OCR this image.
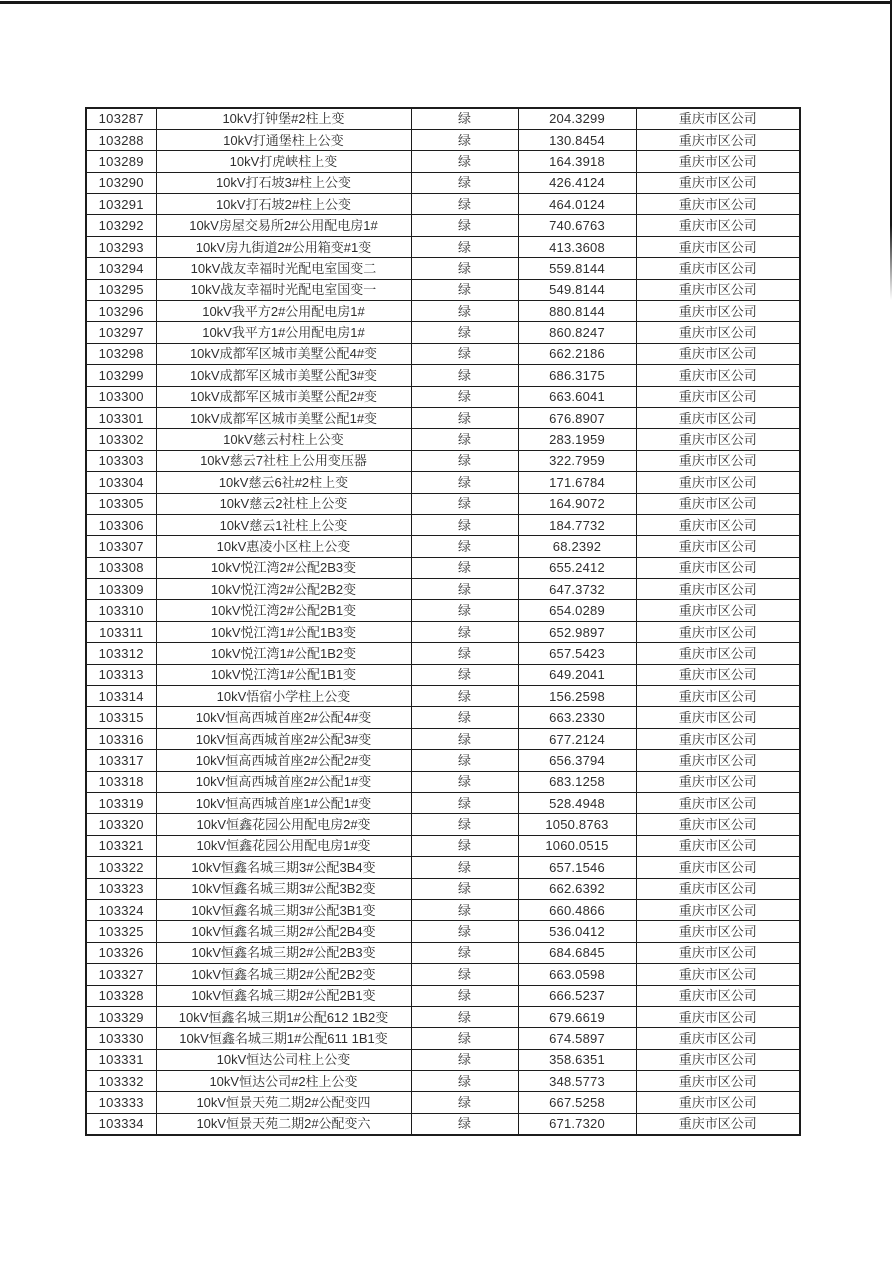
103287	10kV打钟堡#2柱上变	绿	204.3299	重庆市区公司
103288	10kV打通堡柱上公变	绿	130.8454	重庆市区公司
103289	10kV打虎峡柱上变	绿	164.3918	重庆市区公司
103290	10kV打石坡3#柱上公变	绿	426.4124	重庆市区公司
103291	10kV打石坡2#柱上公变	绿	464.0124	重庆市区公司
103292	10kV房屋交易所2#公用配电房1#	绿	740.6763	重庆市区公司
103293	10kV房九街道2#公用箱变#1变	绿	413.3608	重庆市区公司
103294	10kV战友幸福时光配电室国变二	绿	559.8144	重庆市区公司
103295	10kV战友幸福时光配电室国变一	绿	549.8144	重庆市区公司
103296	10kV我平方2#公用配电房1#	绿	880.8144	重庆市区公司
103297	10kV我平方1#公用配电房1#	绿	860.8247	重庆市区公司
103298	10kV成都军区城市美墅公配4#变	绿	662.2186	重庆市区公司
103299	10kV成都军区城市美墅公配3#变	绿	686.3175	重庆市区公司
103300	10kV成都军区城市美墅公配2#变	绿	663.6041	重庆市区公司
103301	10kV成都军区城市美墅公配1#变	绿	676.8907	重庆市区公司
103302	10kV慈云村柱上公变	绿	283.1959	重庆市区公司
103303	10kV慈云7社柱上公用变压器	绿	322.7959	重庆市区公司
103304	10kV慈云6社#2柱上变	绿	171.6784	重庆市区公司
103305	10kV慈云2社柱上公变	绿	164.9072	重庆市区公司
103306	10kV慈云1社柱上公变	绿	184.7732	重庆市区公司
103307	10kV惠凌小区柱上公变	绿	68.2392	重庆市区公司
103308	10kV悦江湾2#公配2B3变	绿	655.2412	重庆市区公司
103309	10kV悦江湾2#公配2B2变	绿	647.3732	重庆市区公司
103310	10kV悦江湾2#公配2B1变	绿	654.0289	重庆市区公司
103311	10kV悦江湾1#公配1B3变	绿	652.9897	重庆市区公司
103312	10kV悦江湾1#公配1B2变	绿	657.5423	重庆市区公司
103313	10kV悦江湾1#公配1B1变	绿	649.2041	重庆市区公司
103314	10kV悟宿小学柱上公变	绿	156.2598	重庆市区公司
103315	10kV恒高西城首座2#公配4#变	绿	663.2330	重庆市区公司
103316	10kV恒高西城首座2#公配3#变	绿	677.2124	重庆市区公司
103317	10kV恒高西城首座2#公配2#变	绿	656.3794	重庆市区公司
103318	10kV恒高西城首座2#公配1#变	绿	683.1258	重庆市区公司
103319	10kV恒高西城首座1#公配1#变	绿	528.4948	重庆市区公司
103320	10kV恒鑫花园公用配电房2#变	绿	1050.8763	重庆市区公司
103321	10kV恒鑫花园公用配电房1#变	绿	1060.0515	重庆市区公司
103322	10kV恒鑫名城三期3#公配3B4变	绿	657.1546	重庆市区公司
103323	10kV恒鑫名城三期3#公配3B2变	绿	662.6392	重庆市区公司
103324	10kV恒鑫名城三期3#公配3B1变	绿	660.4866	重庆市区公司
103325	10kV恒鑫名城三期2#公配2B4变	绿	536.0412	重庆市区公司
103326	10kV恒鑫名城三期2#公配2B3变	绿	684.6845	重庆市区公司
103327	10kV恒鑫名城三期2#公配2B2变	绿	663.0598	重庆市区公司
103328	10kV恒鑫名城三期2#公配2B1变	绿	666.5237	重庆市区公司
103329	10kV恒鑫名城三期1#公配612 1B2变	绿	679.6619	重庆市区公司
103330	10kV恒鑫名城三期1#公配611 1B1变	绿	674.5897	重庆市区公司
103331	10kV恒达公司柱上公变	绿	358.6351	重庆市区公司
103332	10kV恒达公司#2柱上公变	绿	348.5773	重庆市区公司
103333	10kV恒景天苑二期2#公配变四	绿	667.5258	重庆市区公司
103334	10kV恒景天苑二期2#公配变六	绿	671.7320	重庆市区公司
